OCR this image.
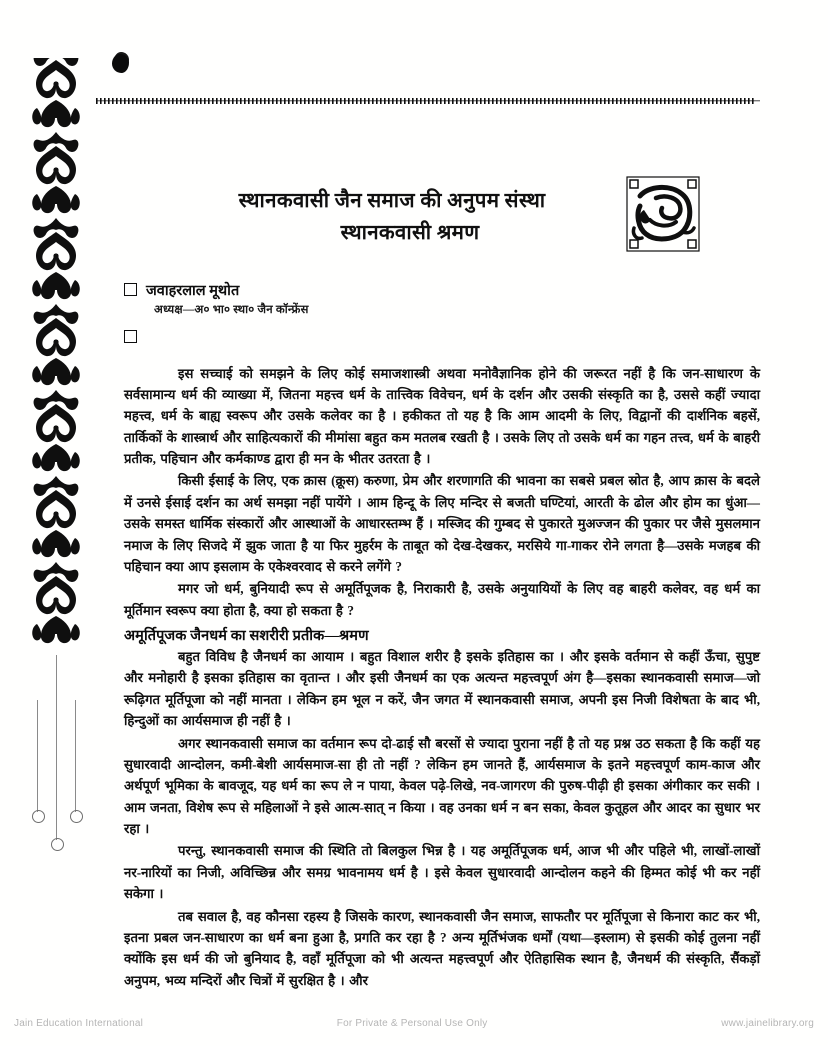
स्थानकवासी जैन समाज की अनुपम संस्था
स्थानकवासी श्रमण
जवाहरलाल मूथोत
अध्यक्ष—अ० भा० स्था० जैन कॉन्फ्रेंस

इस सच्चाई को समझने के लिए कोई समाजशास्त्री अथवा मनोवैज्ञानिक होने की जरूरत नहीं है कि जन-साधारण के सर्वसामान्य धर्म की व्याख्या में, जितना महत्त्व धर्म के तात्त्विक विवेचन, धर्म के दर्शन और उसकी संस्कृति का है, उससे कहीं ज्यादा महत्त्व, धर्म के बाह्य स्वरूप और उसके कलेवर का है । हकीकत तो यह है कि आम आदमी के लिए, विद्वानों की दार्शनिक बहसें, तार्किकों के शास्त्रार्थ और साहित्यकारों की मीमांसा बहुत कम मतलब रखती है । उसके लिए तो उसके धर्म का गहन तत्त्व, धर्म के बाहरी प्रतीक, पहिचान और कर्मकाण्ड द्वारा ही मन के भीतर उतरता है ।

किसी ईसाई के लिए, एक क्रास (क्रूस) करुणा, प्रेम और शरणागति की भावना का सबसे प्रबल स्रोत है, आप क्रास के बदले में उनसे ईसाई दर्शन का अर्थ समझा नहीं पायेंगे । आम हिन्दू के लिए मन्दिर से बजती घण्टियां, आरती के ढोल और होम का धुंआ—उसके समस्त धार्मिक संस्कारों और आस्थाओं के आधारस्तम्भ हैं । मस्जिद की गुम्बद से पुकारते मुअज्जन की पुकार पर जैसे मुसलमान नमाज के लिए सिजदे में झुक जाता है या फिर मुहर्रम के ताबूत को देख-देखकर, मरसिये गा-गाकर रोने लगता है—उसके मजहब की पहिचान क्या आप इसलाम के एकेश्वरवाद से करने लगेंगे ?

मगर जो धर्म, बुनियादी रूप से अमूर्तिपूजक है, निराकारी है, उसके अनुयायियों के लिए वह बाहरी कलेवर, वह धर्म का मूर्तिमान स्वरूप क्या होता है, क्या हो सकता है ?

अमूर्तिपूजक जैनधर्म का सशरीरी प्रतीक—श्रमण

बहुत विविध है जैनधर्म का आयाम । बहुत विशाल शरीर है इसके इतिहास का । और इसके वर्तमान से कहीं ऊँचा, सुपुष्ट और मनोहारी है इसका इतिहास का वृतान्त । और इसी जैनधर्म का एक अत्यन्त महत्त्वपूर्ण अंग है—इसका स्थानकवासी समाज—जो रूढ़िगत मूर्तिपूजा को नहीं मानता । लेकिन हम भूल न करें, जैन जगत में स्थानकवासी समाज, अपनी इस निजी विशेषता के बाद भी, हिन्दुओं का आर्यसमाज ही नहीं है ।

अगर स्थानकवासी समाज का वर्तमान रूप दो-ढाई सौ बरसों से ज्यादा पुराना नहीं है तो यह प्रश्न उठ सकता है कि कहीं यह सुधारवादी आन्दोलन, कमी-बेशी आर्यसमाज-सा ही तो नहीं ? लेकिन हम जानते हैं, आर्यसमाज के इतने महत्त्वपूर्ण काम-काज और अर्थपूर्ण भूमिका के बावजूद, यह धर्म का रूप ले न पाया, केवल पढ़े-लिखे, नव-जागरण की पुरुष-पीढ़ी ही इसका अंगीकार कर सकी । आम जनता, विशेष रूप से महिलाओं ने इसे आत्म-सात् न किया । वह उनका धर्म न बन सका, केवल कुतूहल और आदर का सुधार भर रहा ।

परन्तु, स्थानकवासी समाज की स्थिति तो बिलकुल भिन्न है । यह अमूर्तिपूजक धर्म, आज भी और पहिले भी, लाखों-लाखों नर-नारियों का निजी, अविच्छिन्न और समग्र भावनामय धर्म है । इसे केवल सुधारवादी आन्दोलन कहने की हिम्मत कोई भी कर नहीं सकेगा ।

तब सवाल है, वह कौनसा रहस्य है जिसके कारण, स्थानकवासी जैन समाज, साफतौर पर मूर्तिपूजा से किनारा काट कर भी, इतना प्रबल जन-साधारण का धर्म बना हुआ है, प्रगति कर रहा है ? अन्य मूर्तिभंजक धर्मों (यथा—इस्लाम) से इसकी कोई तुलना नहीं क्योंकि इस धर्म की जो बुनियाद है, वहाँ मूर्तिपूजा को भी अत्यन्त महत्त्वपूर्ण और ऐतिहासिक स्थान है, जैनधर्म की संस्कृति, सैंकड़ों अनुपम, भव्य मन्दिरों और चित्रों में सुरक्षित है । और

Jain Education International	For Private & Personal Use Only	www.jainelibrary.org
